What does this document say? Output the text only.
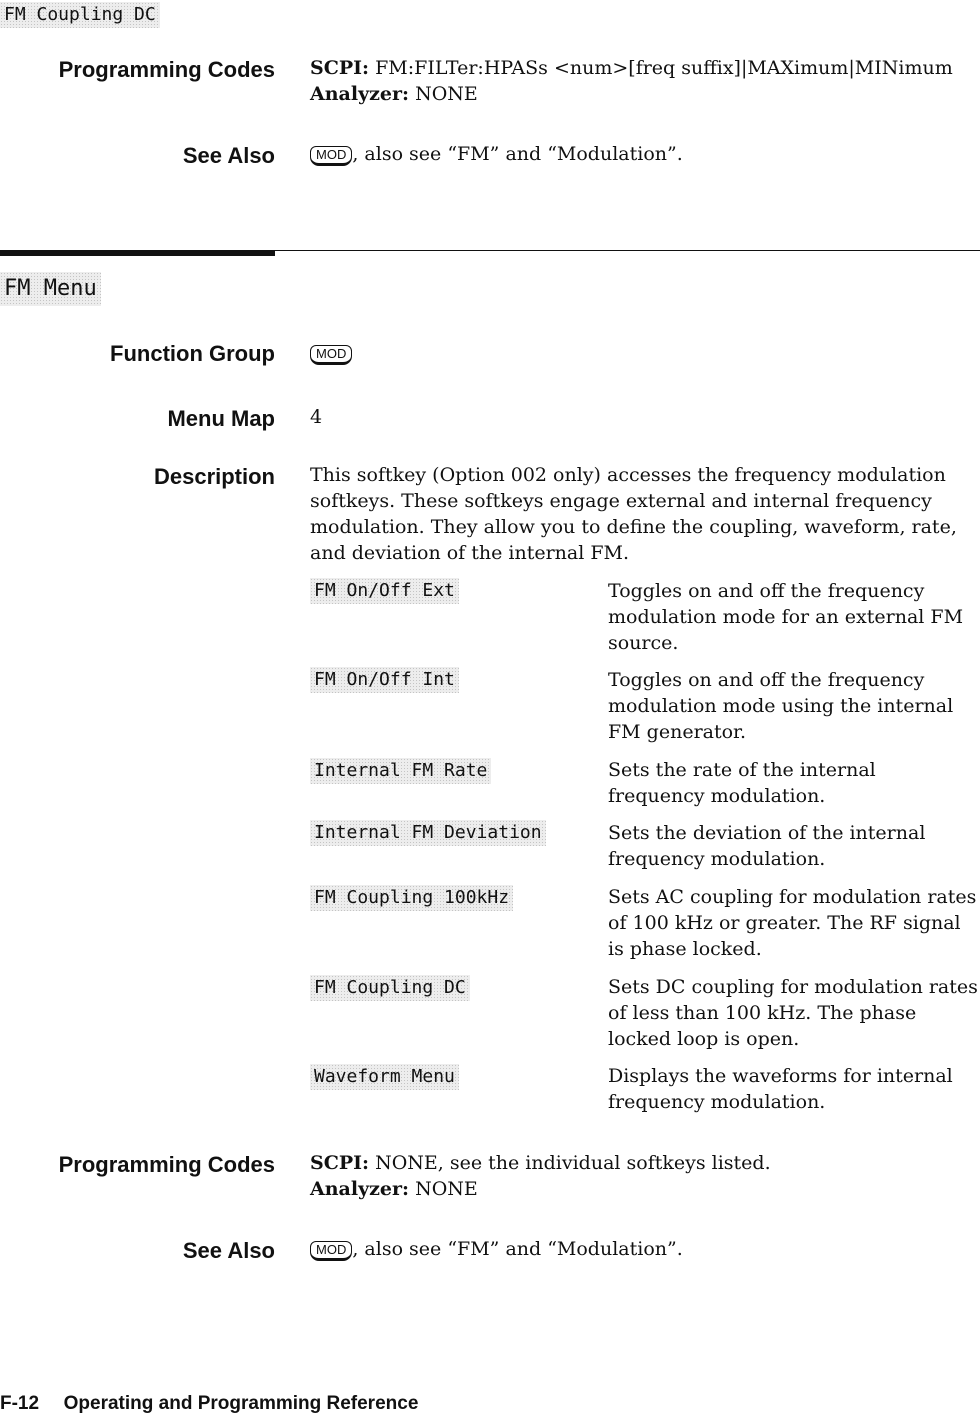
FM Coupling DC
Programming Codes SCPI: FM:FILTer:HPASs <num>[freq suffix]|MAXimum|MINimum
Analyzer: NONE
See Also	MOD , also see “FM” and “Modulation”.
FM Menu
Function Group	MOD
Menu Map 4
Description This softkey (Option 002 only) accesses the frequency modulation
softkeys. These softkeys engage external and internal frequency
modulation. They allow you to define the coupling, waveform, rate,
and deviation of the internal FM.
FM On/Off Ext	Toggles on and off the frequency modulation mode for an external FM source.
FM On/Off Int	Toggles on and off the frequency modulation mode using the internal FM generator.
Internal FM Rate	Sets the rate of the internal frequency modulation.
Internal FM Deviation	Sets the deviation of the internal frequency modulation.
FM Coupling 100kHz	Sets AC coupling for modulation rates of 100 kHz or greater. The RF signal is phase locked.
FM Coupling DC	Sets DC coupling for modulation rates of less than 100 kHz. The phase locked loop is open.
Waveform Menu	Displays the waveforms for internal frequency modulation.
Programming Codes SCPI: NONE, see the individual softkeys listed.
Analyzer: NONE
See Also	MOD , also see “FM” and “Modulation”.
F-12 Operating and Programming Reference
